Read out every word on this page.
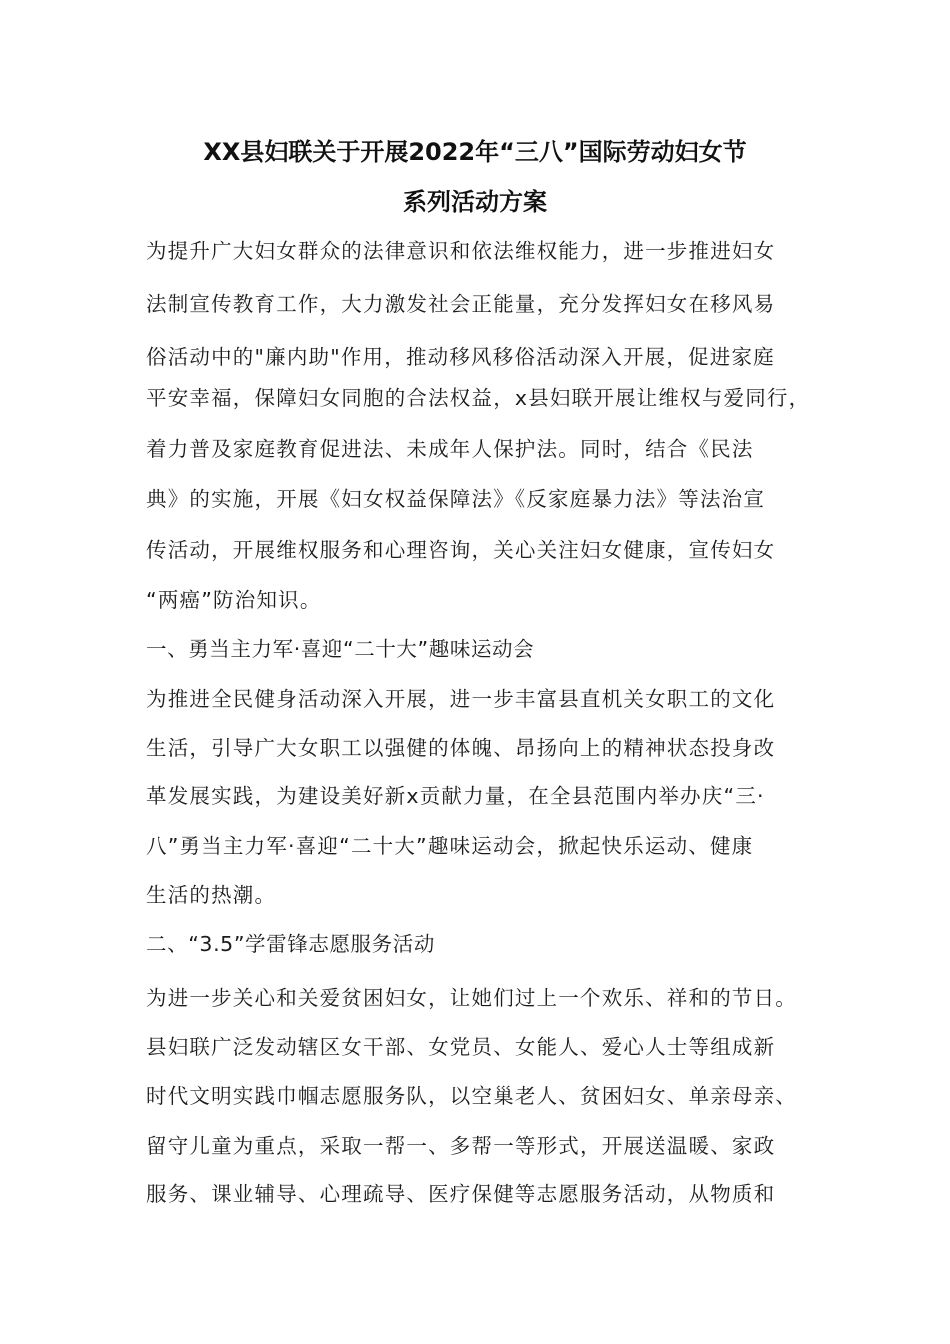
XX县妇联关于开展2022年“三八”国际劳动妇女节
系列活动方案
为提升广大妇女群众的法律意识和依法维权能力，进一步推进妇女
法制宣传教育工作，大力激发社会正能量，充分发挥妇女在移风易
俗活动中的"廉内助"作用，推动移风移俗活动深入开展，促进家庭
平安幸福，保障妇女同胞的合法权益，x县妇联开展让维权与爱同行，
着力普及家庭教育促进法、未成年人保护法。同时，结合《民法
典》的实施，开展《妇女权益保障法》《反家庭暴力法》等法治宣
传活动，开展维权服务和心理咨询，关心关注妇女健康，宣传妇女
“两癌”防治知识。
一、勇当主力军·喜迎“二十大”趣味运动会
为推进全民健身活动深入开展，进一步丰富县直机关女职工的文化
生活，引导广大女职工以强健的体魄、昂扬向上的精神状态投身改
革发展实践，为建设美好新x贡献力量，在全县范围内举办庆“三·
八”勇当主力军·喜迎“二十大”趣味运动会，掀起快乐运动、健康
生活的热潮。
二、“3.5”学雷锋志愿服务活动
为进一步关心和关爱贫困妇女，让她们过上一个欢乐、祥和的节日。
县妇联广泛发动辖区女干部、女党员、女能人、爱心人士等组成新
时代文明实践巾帼志愿服务队，以空巢老人、贫困妇女、单亲母亲、
留守儿童为重点，采取一帮一、多帮一等形式，开展送温暖、家政
服务、课业辅导、心理疏导、医疗保健等志愿服务活动，从物质和
